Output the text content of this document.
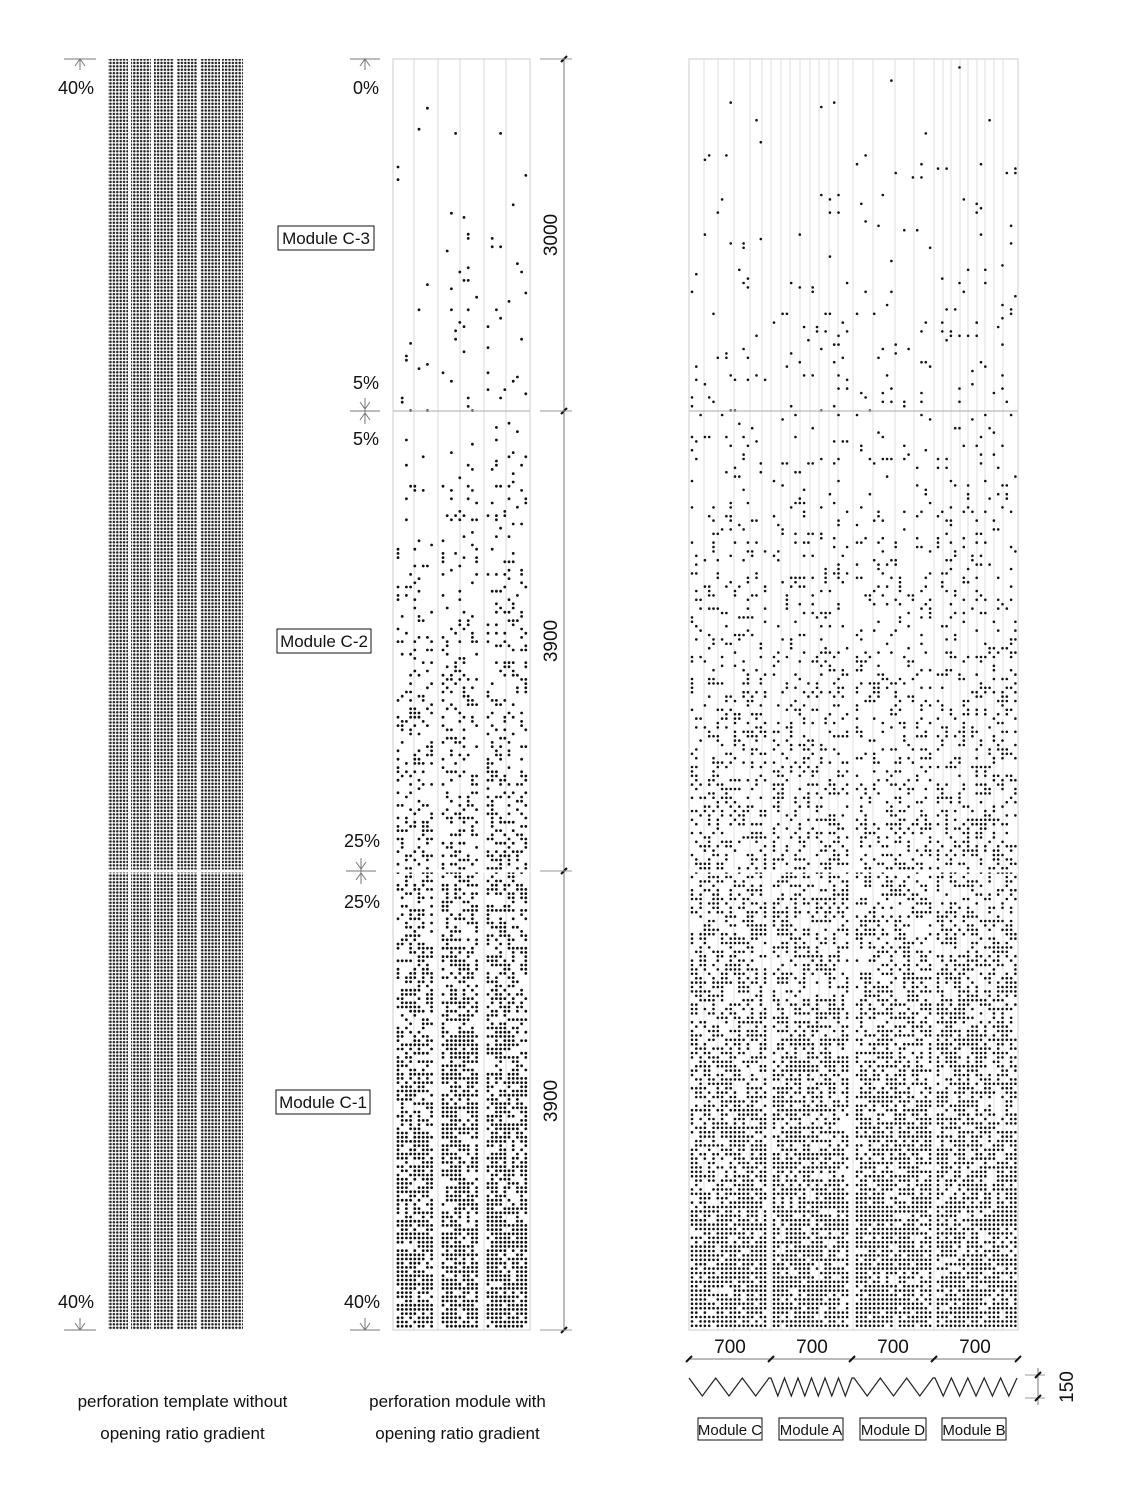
40%
40%
Module C-3
Module C-2
Module C-1
0%
5%
5%
25%
25%
40%
3000
3900
3900
700	700	700	700
150
Module C Module A Module D Module B
perforation template without
opening ratio gradient
perforation module with
opening ratio gradient
